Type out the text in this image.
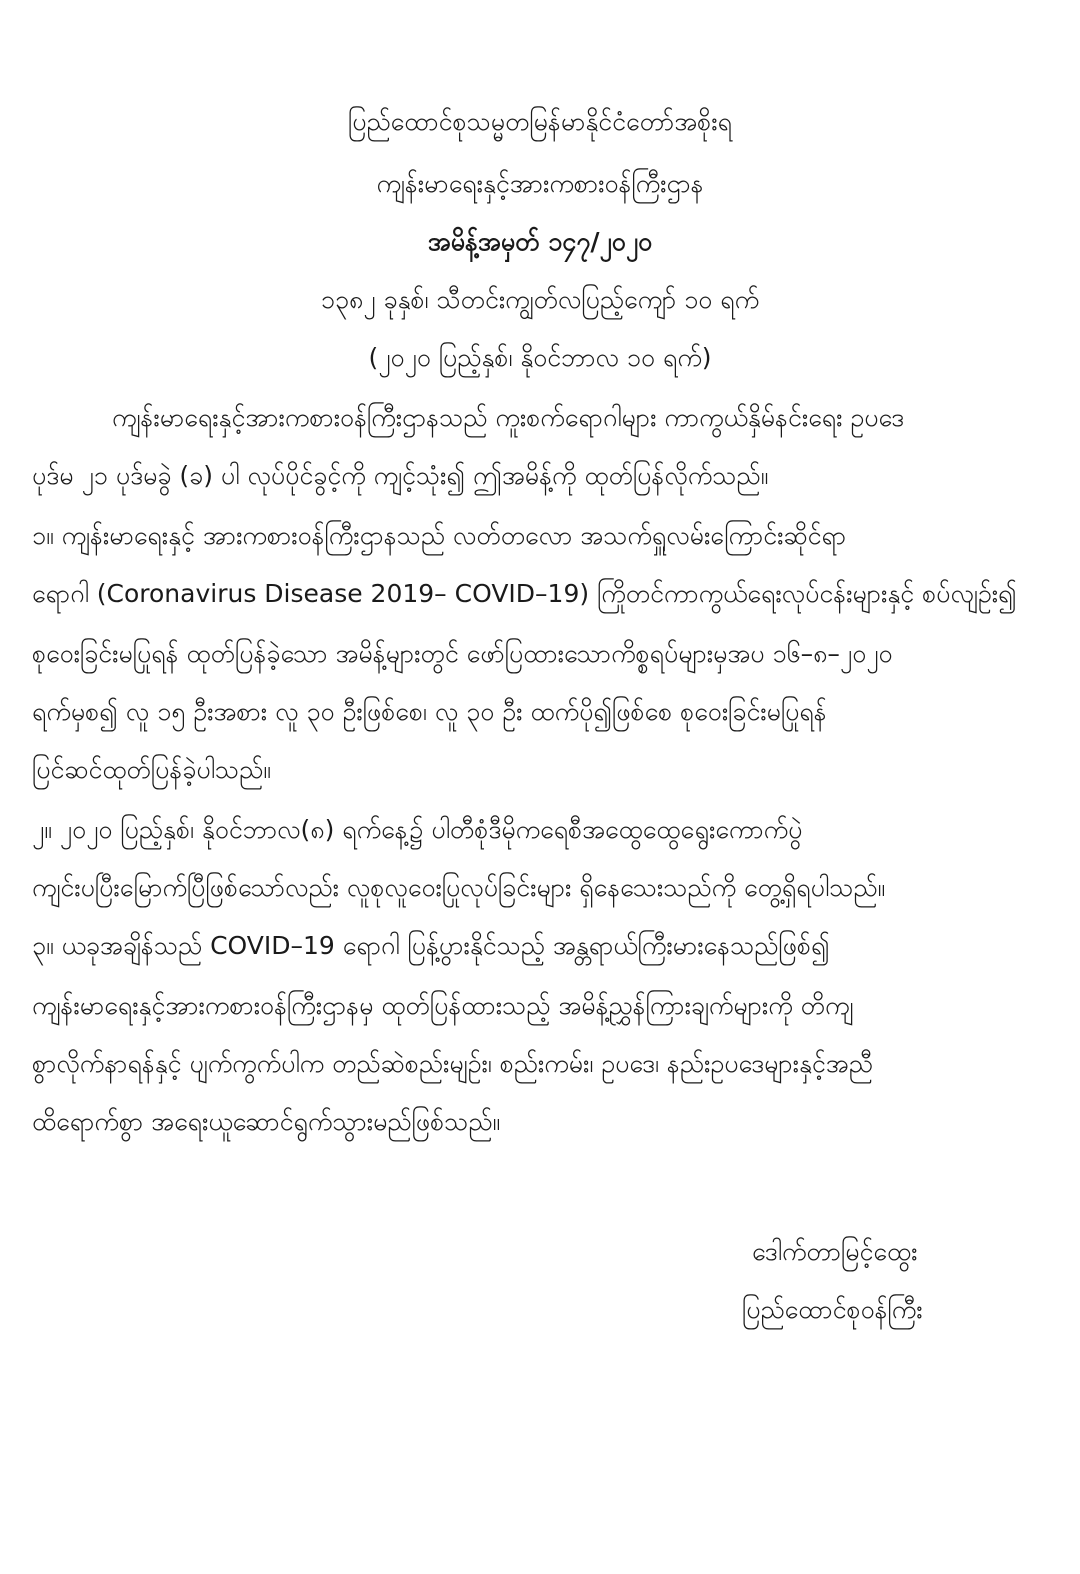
ပြည်ထောင်စုသမ္မတမြန်မာနိုင်ငံတော်အစိုးရ
ကျန်းမာရေးနှင့်အားကစားဝန်ကြီးဌာန
အမိန့်အမှတ် ၁၄၇/၂၀၂၀
၁၃၈၂ ခုနှစ်၊ သီတင်းကျွတ်လပြည့်ကျော် ၁၀ ရက်
(၂၀၂၀ ပြည့်နှစ်၊ နိုဝင်ဘာလ ၁၀ ရက်)
ကျန်းမာရေးနှင့်အားကစားဝန်ကြီးဌာနသည် ကူးစက်ရောဂါများ ကာကွယ်နှိမ်နင်းရေး ဥပဒေ
ပုဒ်မ ၂၁ ပုဒ်မခွဲ (ခ) ပါ လုပ်ပိုင်ခွင့်ကို ကျင့်သုံး၍ ဤအမိန့်ကို ထုတ်ပြန်လိုက်သည်။
၁။ ကျန်းမာရေးနှင့် အားကစားဝန်ကြီးဌာနသည် လတ်တလော အသက်ရှူလမ်းကြောင်းဆိုင်ရာ
ရောဂါ (Coronavirus Disease 2019– COVID–19) ကြိုတင်ကာကွယ်ရေးလုပ်ငန်းများနှင့် စပ်လျဉ်း၍
စုဝေးခြင်းမပြုရန် ထုတ်ပြန်ခဲ့သော အမိန့်များတွင် ဖော်ပြထားသောကိစ္စရပ်များမှအပ ၁၆–၈–၂၀၂၀
ရက်မှစ၍ လူ ၁၅ ဦးအစား လူ ၃၀ ဦးဖြစ်စေ၊ လူ ၃၀ ဦး ထက်ပို၍ဖြစ်စေ စုဝေးခြင်းမပြုရန်
ပြင်ဆင်ထုတ်ပြန်ခဲ့ပါသည်။
၂။ ၂၀၂၀ ပြည့်နှစ်၊ နိုဝင်ဘာလ(၈) ရက်နေ့၌ ပါတီစုံဒီမိုကရေစီအထွေထွေရွေးကောက်ပွဲ
ကျင်းပပြီးမြောက်ပြီဖြစ်သော်လည်း လူစုလူဝေးပြုလုပ်ခြင်းများ ရှိနေသေးသည်ကို တွေ့ရှိရပါသည်။
၃။ ယခုအချိန်သည် COVID–19 ရောဂါ ပြန့်ပွားနိုင်သည့် အန္တရာယ်ကြီးမားနေသည်ဖြစ်၍
ကျန်းမာရေးနှင့်အားကစားဝန်ကြီးဌာနမှ ထုတ်ပြန်ထားသည့် အမိန့်ညွှန်ကြားချက်များကို တိကျ
စွာလိုက်နာရန်နှင့် ပျက်ကွက်ပါက တည်ဆဲစည်းမျဉ်း၊ စည်းကမ်း၊ ဥပဒေ၊ နည်းဥပဒေများနှင့်အညီ
ထိရောက်စွာ အရေးယူဆောင်ရွက်သွားမည်ဖြစ်သည်။
ဒေါက်တာမြင့်ထွေး
ပြည်ထောင်စုဝန်ကြီး
